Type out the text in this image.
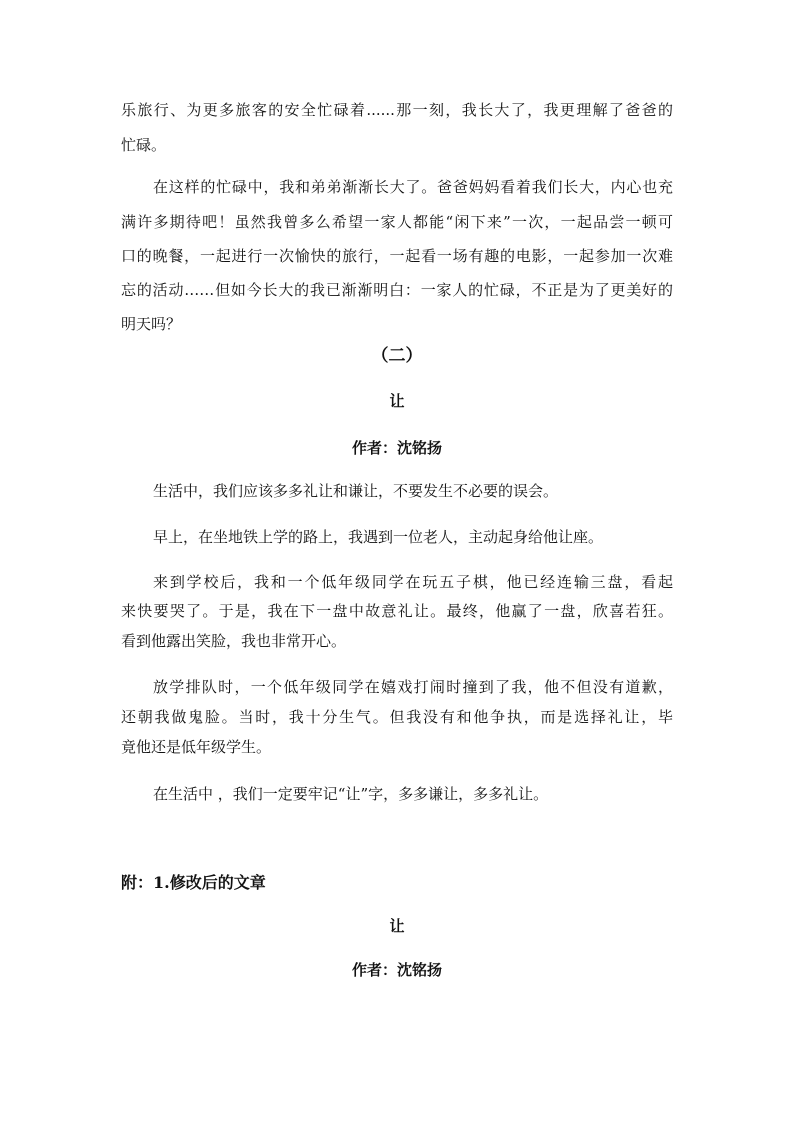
乐旅行、为更多旅客的安全忙碌着......那一刻，我长大了，我更理解了爸爸的
忙碌。
在这样的忙碌中，我和弟弟渐渐长大了。爸爸妈妈看着我们长大，内心也充
满许多期待吧！虽然我曾多么希望一家人都能“闲下来”一次，一起品尝一顿可
口的晚餐，一起进行一次愉快的旅行，一起看一场有趣的电影，一起参加一次难
忘的活动……但如今长大的我已渐渐明白：一家人的忙碌，不正是为了更美好的
明天吗？
（二）
让
作者：沈铭扬
生活中，我们应该多多礼让和谦让，不要发生不必要的误会。
早上，在坐地铁上学的路上，我遇到一位老人，主动起身给他让座。
来到学校后，我和一个低年级同学在玩五子棋，他已经连输三盘，看起
来快要哭了。于是，我在下一盘中故意礼让。最终，他赢了一盘，欣喜若狂。
看到他露出笑脸，我也非常开心。
放学排队时，一个低年级同学在嬉戏打闹时撞到了我，他不但没有道歉，
还朝我做鬼脸。当时，我十分生气。但我没有和他争执，而是选择礼让，毕
竟他还是低年级学生。
在生活中 ，我们一定要牢记“让”字，多多谦让，多多礼让。
附：1.修改后的文章
让
作者：沈铭扬
